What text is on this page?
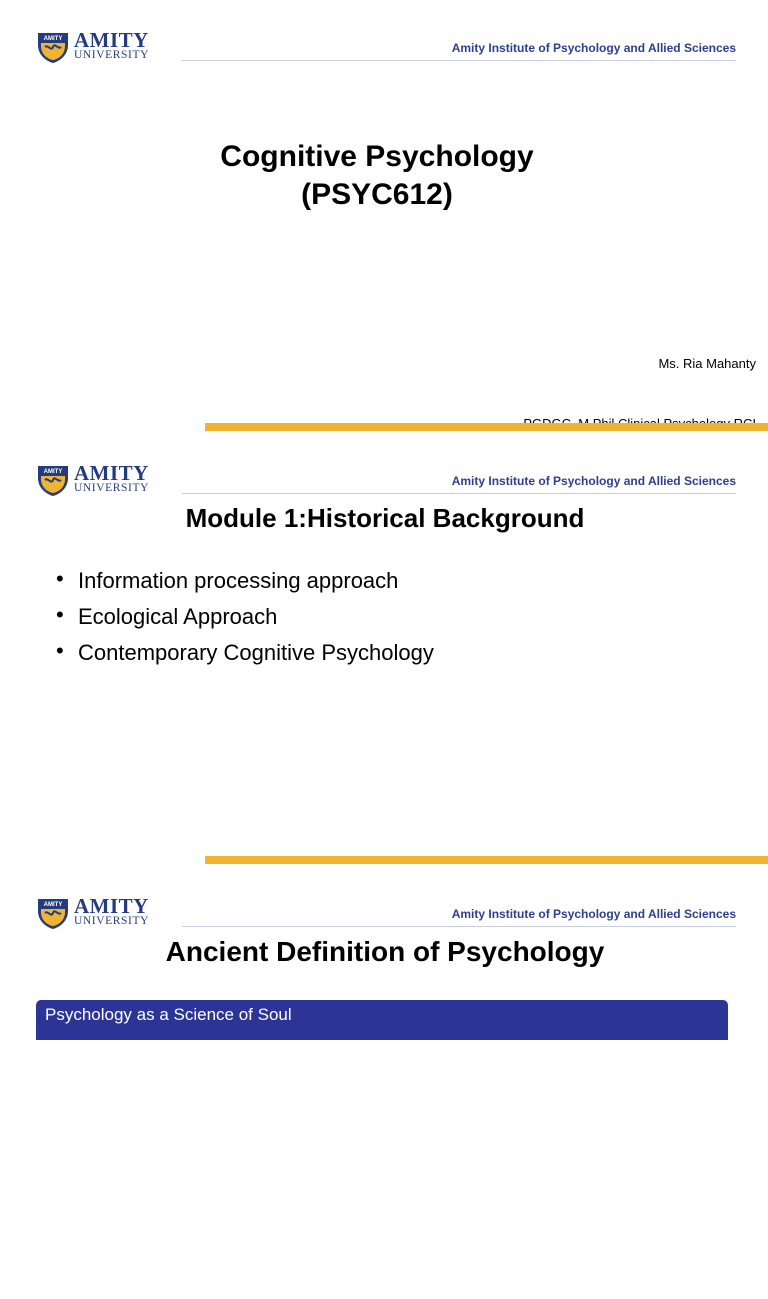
AMITY AMITY
UNIVERSITY	Amity Institute of Psychology and Allied Sciences
Cognitive Psychology
(PSYC612)

Ms. Ria Mahanty

AMITY AMITY
UNIVERSITY	Amity Institute of Psychology and Allied Sciences
Module 1:Historical Background
• Information processing approach
• Ecological Approach
• Contemporary Cognitive Psychology
AMITY AMITY
UNIVERSITY	Amity Institute of Psychology and Allied Sciences
Ancient Definition of Psychology
Psychology as a Science of Soul
